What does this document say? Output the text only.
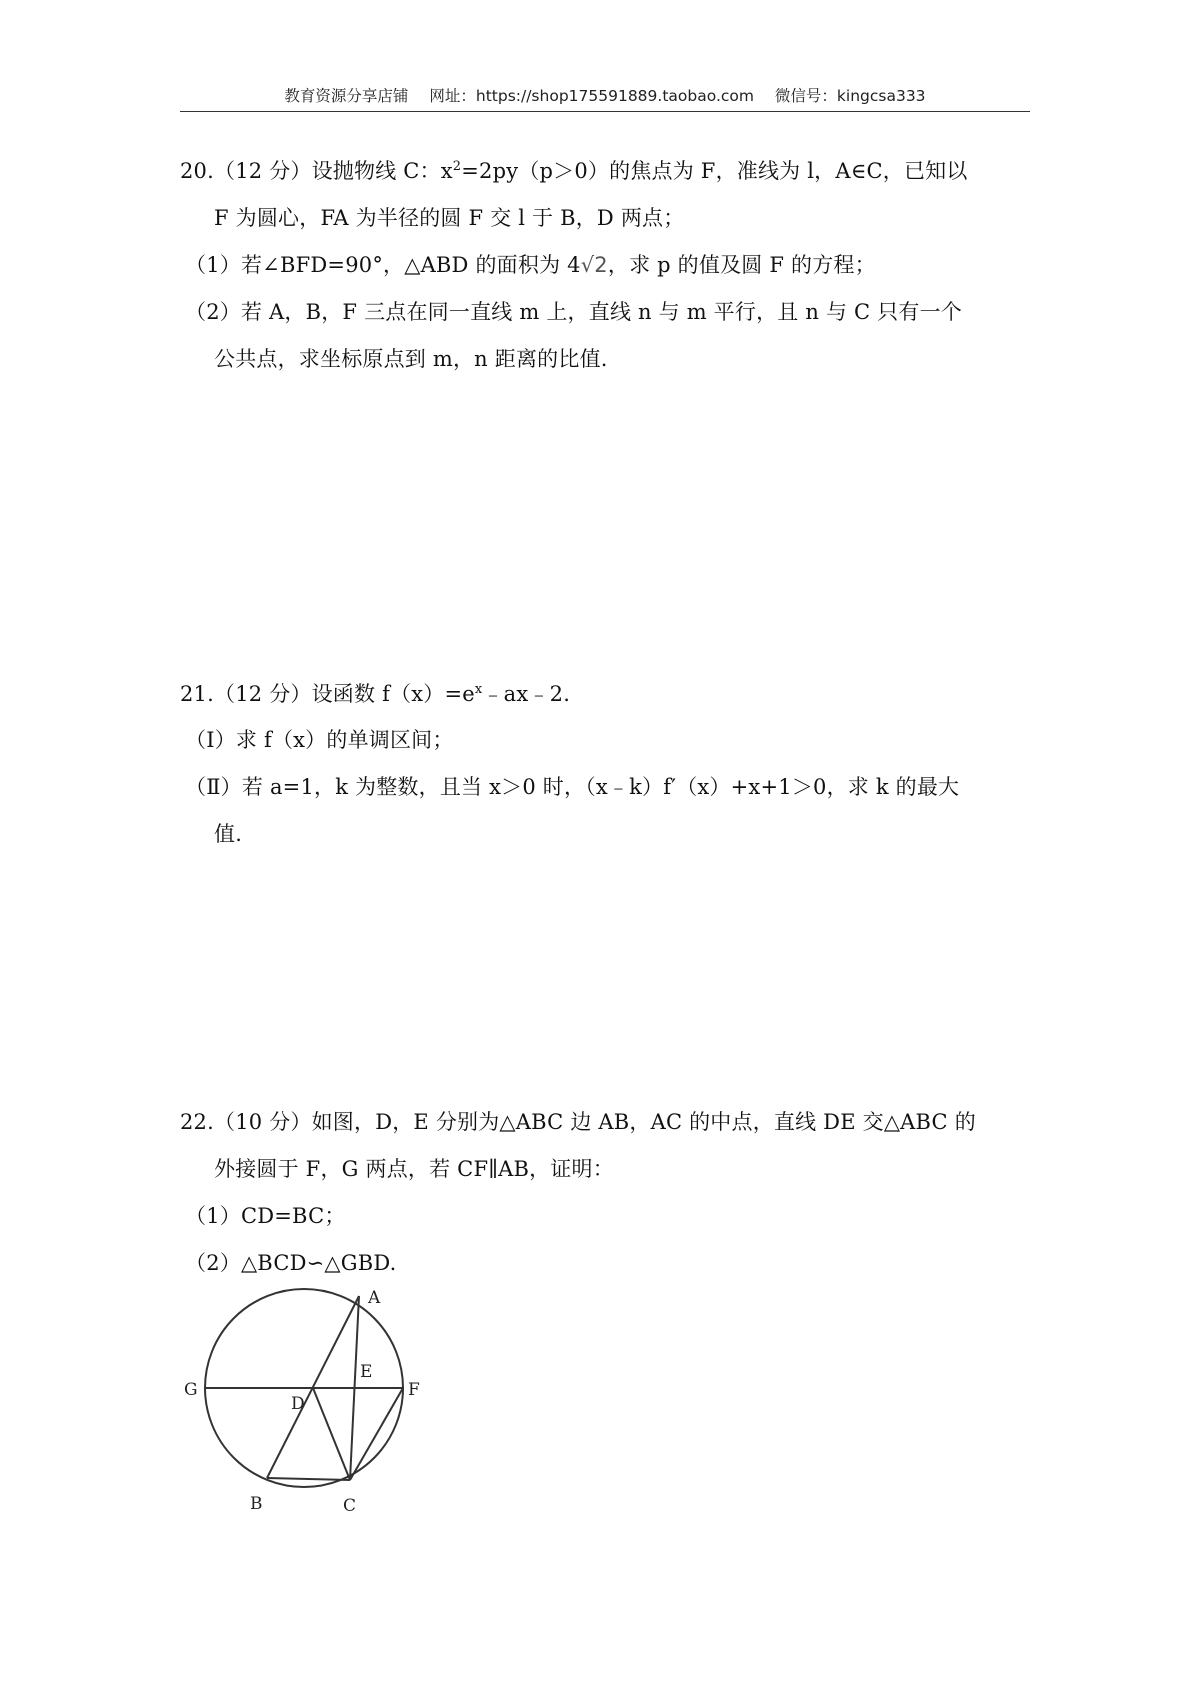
教育资源分享店铺 网址：https://shop175591889.taobao.com 微信号：kingcsa333
20.（12 分）设抛物线 C：$x^2=2py(p>0)$的焦点为 F，准线为 l，A∈C，已知以
F 为圆心，FA 为半径的圆 F 交 l 于 B，D 两点；
（1）若∠BFD=90°，△ABD 的面积为 4√2，求 p 的值及圆 F 的方程；
（2）若 A，B，F 三点在同一直线 m 上，直线 n 与 m 平行，且 n 与 C 只有一个
公共点，求坐标原点到 m，n 距离的比值.
21.（12 分）设函数 $f(x)=e^x﹣ax﹣2$.
（Ⅰ）求 f（x）的单调区间；
（Ⅱ）若 a=1，k 为整数，且当 x＞0 时，（x﹣k）f′（x）+x+1＞0，求 k 的最大
值.
22.（10 分）如图，D，E 分别为△ABC 边 AB，AC 的中点，直线 DE 交△ABC 的
外接圆于 F，G 两点，若 CF∥AB，证明：
（1）CD=BC；
（2）△BCD∽△GBD.
A
B	C
D
E
F
G
